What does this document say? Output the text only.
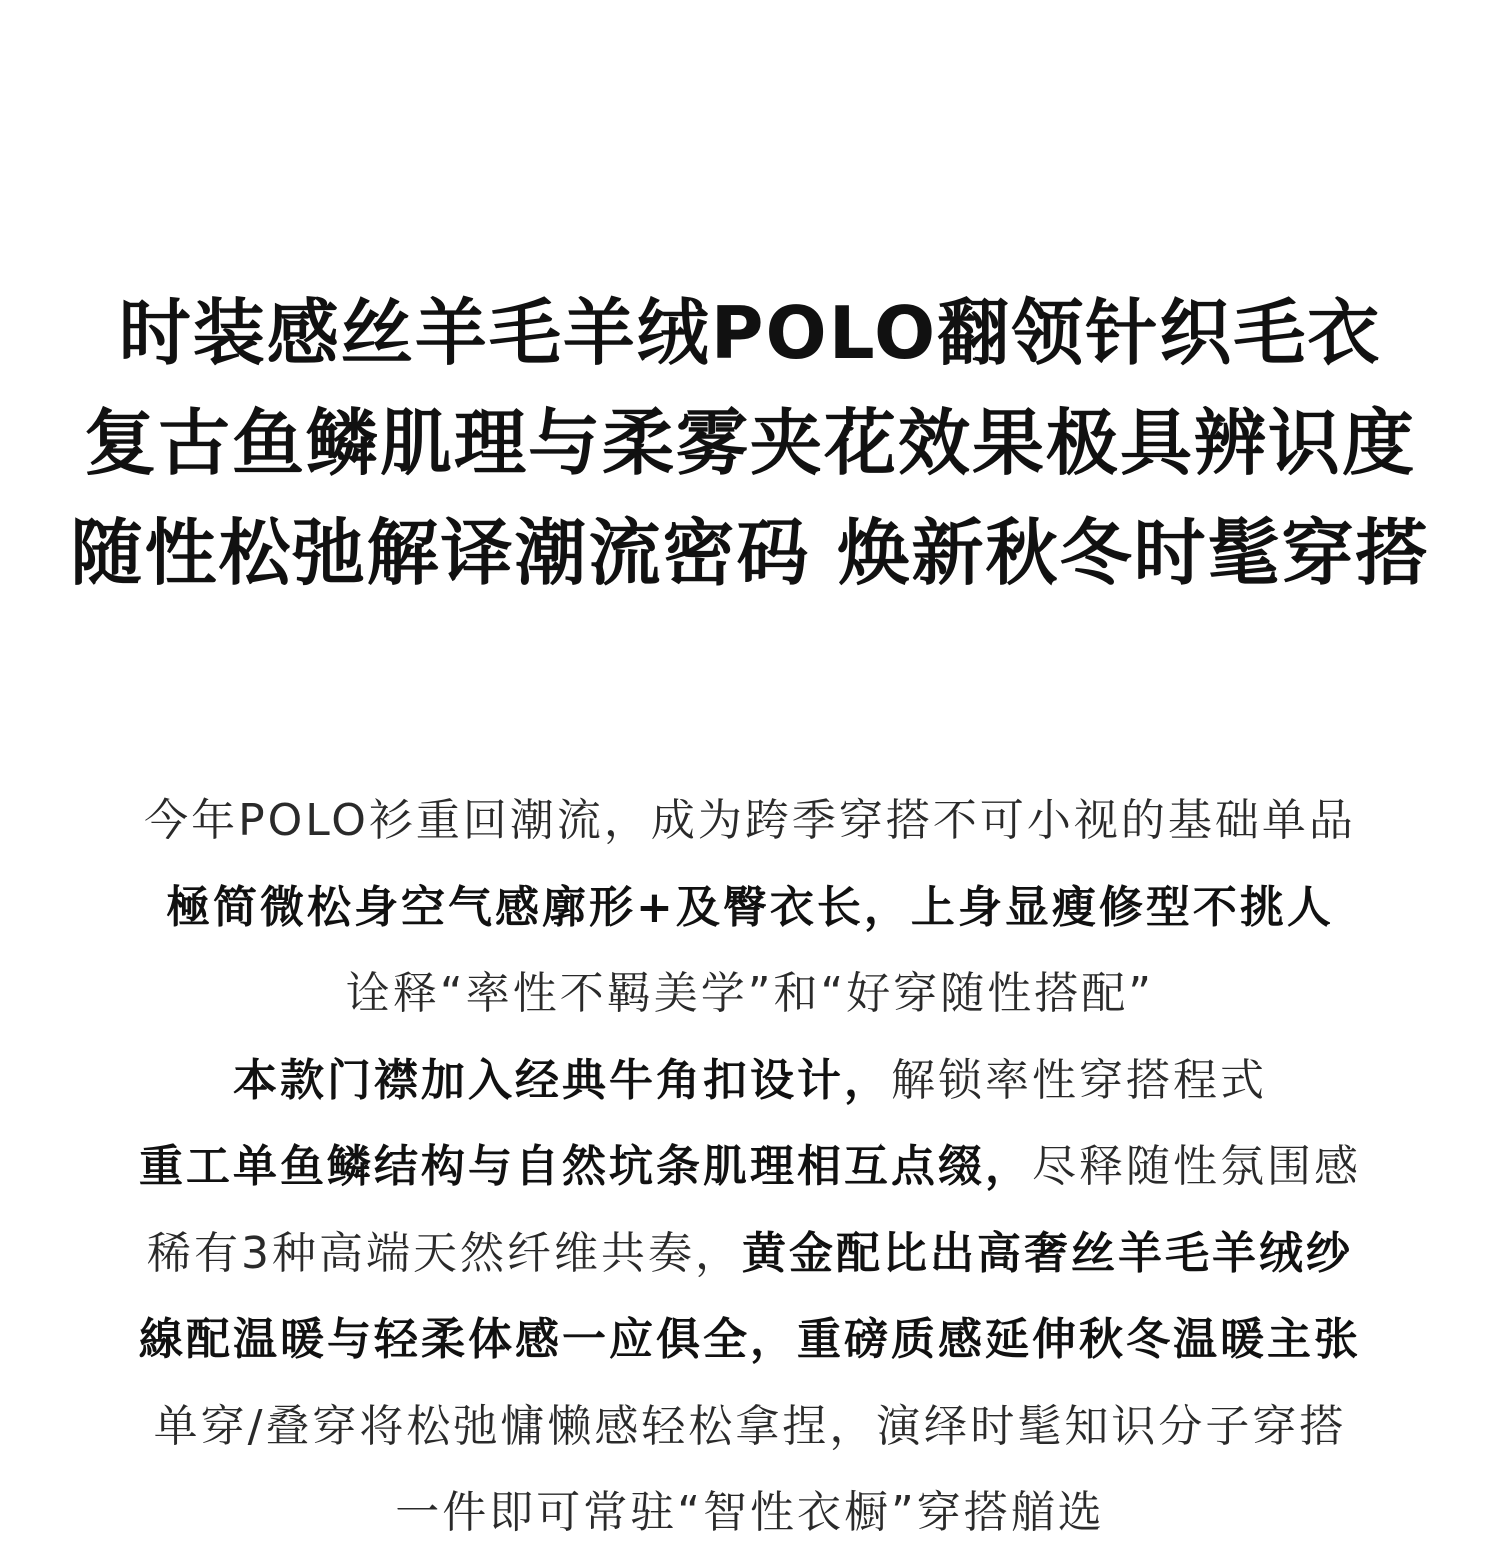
时装感丝羊毛羊绒POLO翻领针织毛衣
复古鱼鳞肌理与柔雾夹花效果极具辨识度
随性松弛解译潮流密码 焕新秋冬时髦穿搭
今年POLO衫重回潮流，成为跨季穿搭不可小视的基础单品
極简微松身空气感廓形+及臀衣长，上身显瘦修型不挑人
诠释“率性不羁美学”和“好穿随性搭配”
本款门襟加入经典牛角扣设计，解锁率性穿搭程式
重工单鱼鳞结构与自然坑条肌理相互点缀，尽释随性氛围感
稀有3种高端天然纤维共奏，黄金配比出高奢丝羊毛羊绒纱
線配温暖与轻柔体感一应俱全，重磅质感延伸秋冬温暖主张
单穿/叠穿将松弛慵懒感轻松拿捏，演绎时髦知识分子穿搭
一件即可常驻“智性衣橱”穿搭艏选
